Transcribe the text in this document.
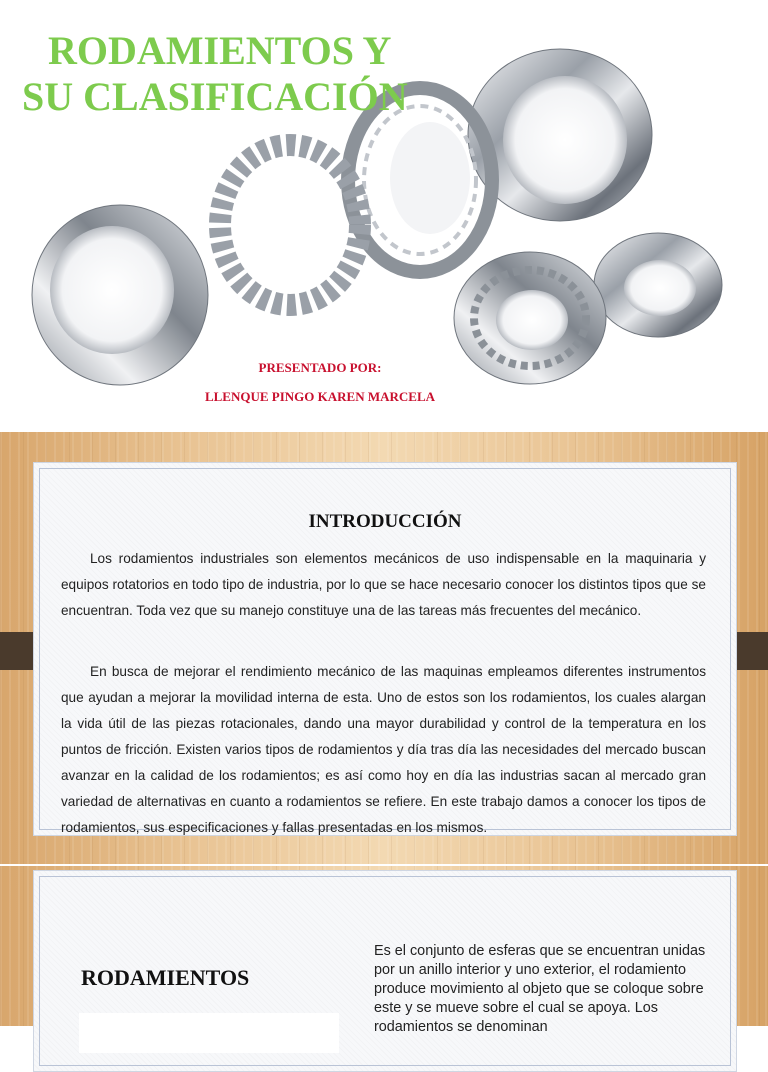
RODAMIENTOS Y
SU CLASIFICACIÓN
PRESENTADO POR:
LLENQUE PINGO KAREN MARCELA
INTRODUCCIÓN
Los rodamientos industriales son elementos mecánicos de uso indispensable en la maquinaria y equipos rotatorios en todo tipo de industria, por lo que se hace necesario conocer los distintos tipos que se encuentran. Toda vez que su manejo constituye una de las tareas más frecuentes del mecánico.
En busca de mejorar el rendimiento mecánico de las maquinas empleamos diferentes instrumentos que ayudan a mejorar la movilidad interna de esta. Uno de estos son los rodamientos, los cuales alargan la vida útil de las piezas rotacionales, dando una mayor durabilidad y control de la temperatura en los puntos de fricción. Existen varios tipos de rodamientos y día tras día las necesidades del mercado buscan avanzar en la calidad de los rodamientos; es así como hoy en día las industrias sacan al mercado gran variedad de alternativas en cuanto a rodamientos se refiere. En este trabajo damos a conocer los tipos de rodamientos, sus especificaciones y fallas presentadas en los mismos.
RODAMIENTOS
Es el conjunto de esferas que se encuentran unidas por un anillo interior y uno exterior, el rodamiento produce movimiento al objeto que se coloque sobre este y se mueve sobre el cual se apoya. Los rodamientos se denominan
